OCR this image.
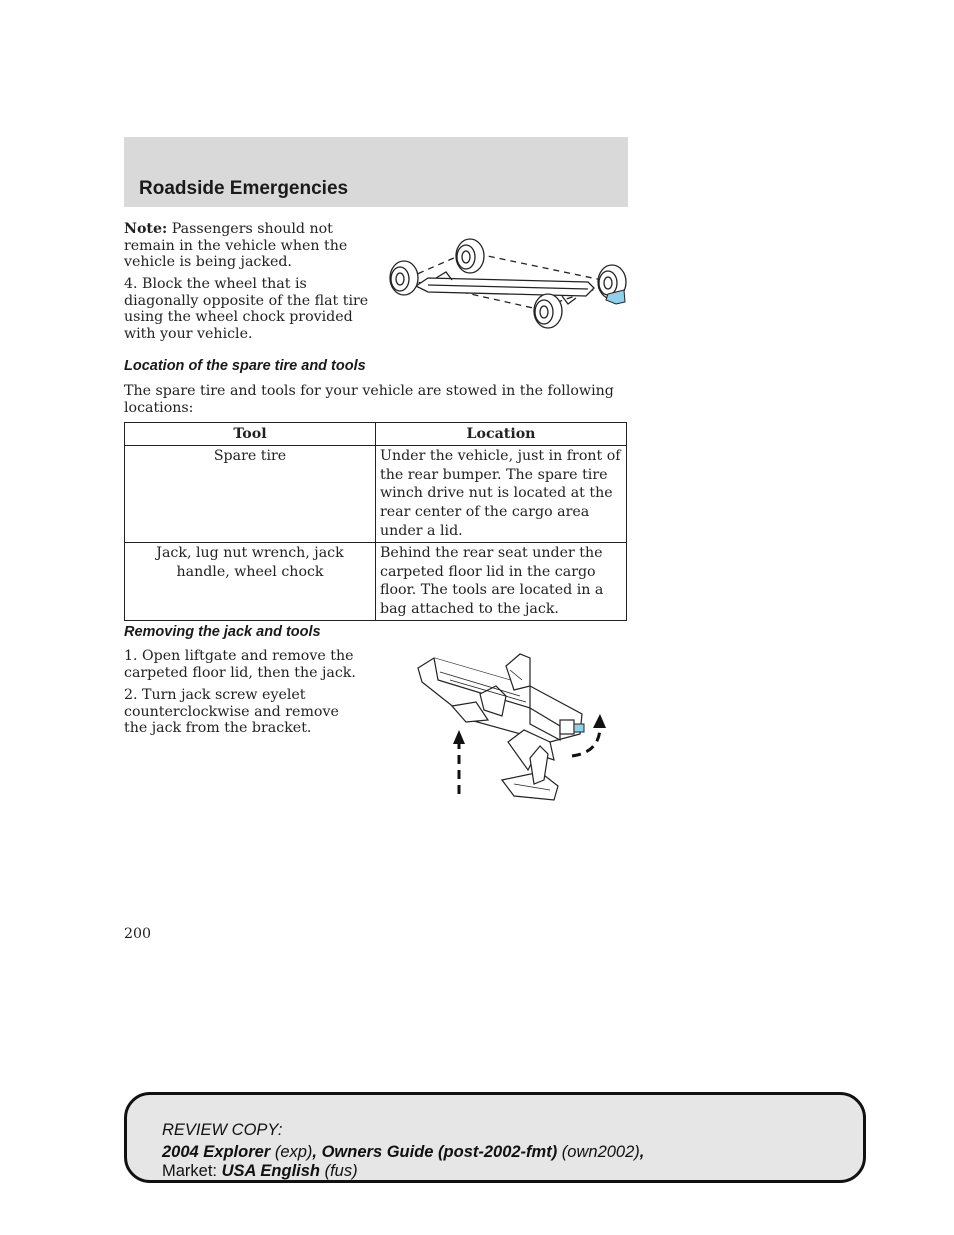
Roadside Emergencies

Note: Passengers should not remain in the vehicle when the vehicle is being jacked.

4. Block the wheel that is diagonally opposite of the flat tire using the wheel chock provided with your vehicle.

Location of the spare tire and tools

The spare tire and tools for your vehicle are stowed in the following locations:

Tool	Location
Spare tire	Under the vehicle, just in front of the rear bumper. The spare tire winch drive nut is located at the rear center of the cargo area under a lid.
Jack, lug nut wrench, jack handle, wheel chock	Behind the rear seat under the carpeted floor lid in the cargo floor. The tools are located in a bag attached to the jack.
Removing the jack and tools

1. Open liftgate and remove the carpeted floor lid, then the jack.

2. Turn jack screw eyelet counterclockwise and remove the jack from the bracket.

200
REVIEW COPY:
2004 Explorer (exp), Owners Guide (post-2002-fmt) (own2002),
Market: USA English (fus)
